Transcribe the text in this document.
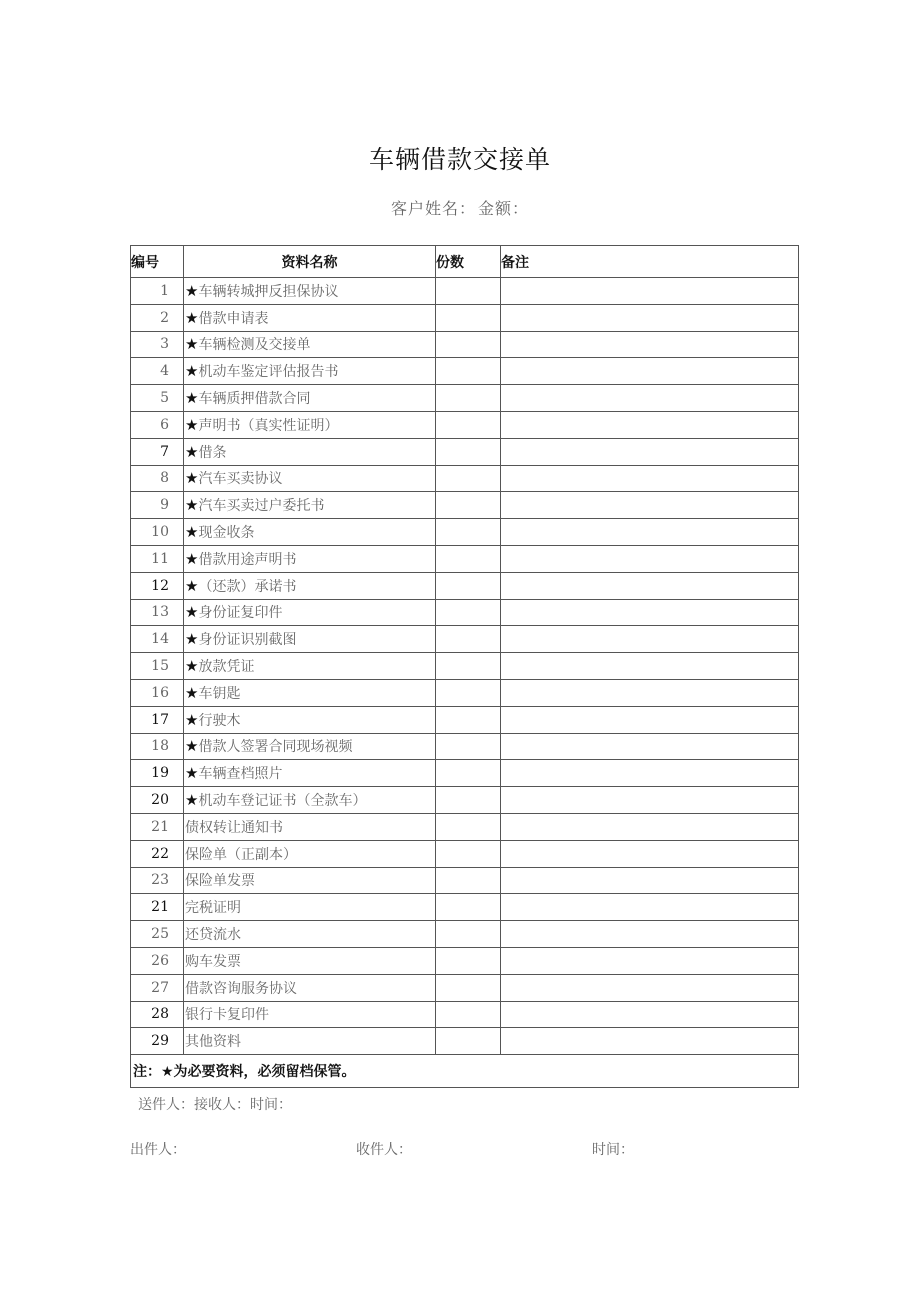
车辆借款交接单
客户姓名： 金额：
编号	资料名称	份数	备注
1	★车辆转城押反担保协议		
2	★借款申请表		
3	★车辆检测及交接单		
4	★机动车鉴定评估报告书		
5	★车辆质押借款合同		
6	★声明书（真实性证明）		
7	★借条		
8	★汽车买卖协议		
9	★汽车买卖过户委托书		
10	★现金收条		
11	★借款用途声明书		
12	★（还款）承诺书		
13	★身份证复印件		
14	★身份证识别截图		
15	★放款凭证		
16	★车钥匙		
17	★行驶木		
18	★借款人签署合同现场视频		
19	★车辆查档照片		
20	★机动车登记证书（全款车）		
21	债权转让通知书		
22	保险单（正副本）		
23	保险单发票		
21	完税证明		
25	还贷流水		
26	购车发票		
27	借款咨询服务协议		
28	银行卡复印件		
29	其他资料		
注：★为必要资料，必须留档保管。			
送件人：接收人：时间：
出件人：	收件人：	时间：
